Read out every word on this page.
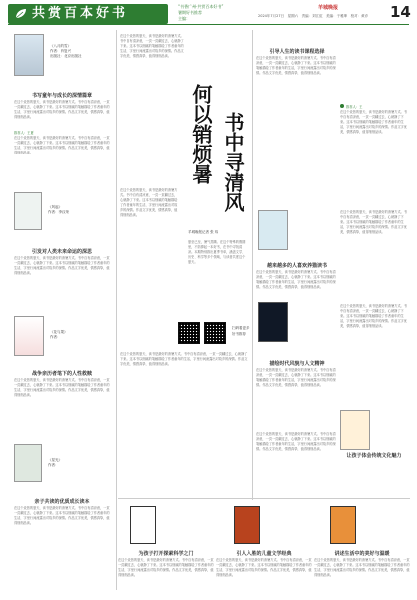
共赏百本好书	“书香广州·共赏百本好书”
暑期好书推荐
主编：
羊城晚报
2024年7月27日　星期六　责编：刘江虹　美编：于雅坤　校对：黄乔 14
《八月的雪》
作者：肖复兴
出版社：北京出版社
书写童年与成长的深情篇章
在这个炎热的夏天，读书是最好的消暑方式。书中自有清凉意，一页一页翻过去，心就静了下来。这本书以细腻的笔触描绘了作者童年的生活，字里行间流露出对故乡的深情。作品文字优美，情感真挚，值得细细品读。
推荐人：王夏
在这个炎热的夏天，读书是最好的消暑方式。书中自有清凉意，一页一页翻过去，心就静了下来。这本书以细腻的笔触描绘了作者童年的生活，字里行间流露出对故乡的深情。作品文字优美，情感真挚，值得细细品读。
《风起》
作者：李汉荣
引发对人类未来命运的深思
在这个炎热的夏天，读书是最好的消暑方式。书中自有清凉意，一页一页翻过去，心就静了下来。这本书以细腻的笔触描绘了作者童年的生活，字里行间流露出对故乡的深情。作品文字优美，情感真挚，值得细细品读。
《花与果》
作者：
战争亲历者笔下的人性救赎
在这个炎热的夏天，读书是最好的消暑方式。书中自有清凉意，一页一页翻过去，心就静了下来。这本书以细腻的笔触描绘了作者童年的生活，字里行间流露出对故乡的深情。作品文字优美，情感真挚，值得细细品读。
《星光》
作者：
亲子共读的优质成长读本
在这个炎热的夏天，读书是最好的消暑方式。书中自有清凉意，一页一页翻过去，心就静了下来。这本书以细腻的笔触描绘了作者童年的生活，字里行间流露出对故乡的深情。作品文字优美，情感真挚，值得细细品读。
在这个炎热的夏天，读书是最好的消暑方式。书中自有清凉意，一页一页翻过去，心就静了下来。这本书以细腻的笔触描绘了作者童年的生活，字里行间流露出对故乡的深情。作品文字优美，情感真挚，值得细细品读。
在这个炎热的夏天，读书是最好的消暑方式。书中自有清凉意，一页一页翻过去，心就静了下来。这本书以细腻的笔触描绘了作者童年的生活，字里行间流露出对故乡的深情。作品文字优美，情感真挚，值得细细品读。
何以销烦暑 书中寻清风
羊城晚报记者 张 玮
夏至已至，暑气蒸腾。在这个特殊的假期里，不妨捧起一本好书，在书中寻找清凉。本期特别推出夏季书单，涵盖文学、历史、科学等多个领域，与读者共度这个夏天。
扫码看更多
好书推荐
在这个炎热的夏天，读书是最好的消暑方式。书中自有清凉意，一页一页翻过去，心就静了下来。这本书以细腻的笔触描绘了作者童年的生活，字里行间流露出对故乡的深情。作品文字优美，情感真挚，值得细细品读。
引导人生的读书课程选择
在这个炎热的夏天，读书是最好的消暑方式。书中自有清凉意，一页一页翻过去，心就静了下来。这本书以细腻的笔触描绘了作者童年的生活，字里行间流露出对故乡的深情。作品文字优美，情感真挚，值得细细品读。
推荐人：王
在这个炎热的夏天，读书是最好的消暑方式。书中自有清凉意，一页一页翻过去，心就静了下来。这本书以细腻的笔触描绘了作者童年的生活，字里行间流露出对故乡的深情。作品文字优美，情感真挚，值得细细品读。
越来越多的人喜欢养猫读书
在这个炎热的夏天，读书是最好的消暑方式。书中自有清凉意，一页一页翻过去，心就静了下来。这本书以细腻的笔触描绘了作者童年的生活，字里行间流露出对故乡的深情。作品文字优美，情感真挚，值得细细品读。
在这个炎热的夏天，读书是最好的消暑方式。书中自有清凉意，一页一页翻过去，心就静了下来。这本书以细腻的笔触描绘了作者童年的生活，字里行间流露出对故乡的深情。作品文字优美，情感真挚，值得细细品读。
描绘时代风貌与人文精神
在这个炎热的夏天，读书是最好的消暑方式。书中自有清凉意，一页一页翻过去，心就静了下来。这本书以细腻的笔触描绘了作者童年的生活，字里行间流露出对故乡的深情。作品文字优美，情感真挚，值得细细品读。
在这个炎热的夏天，读书是最好的消暑方式。书中自有清凉意，一页一页翻过去，心就静了下来。这本书以细腻的笔触描绘了作者童年的生活，字里行间流露出对故乡的深情。作品文字优美，情感真挚，值得细细品读。
在这个炎热的夏天，读书是最好的消暑方式。书中自有清凉意，一页一页翻过去，心就静了下来。这本书以细腻的笔触描绘了作者童年的生活，字里行间流露出对故乡的深情。作品文字优美，情感真挚，值得细细品读。
让孩子体会传统文化魅力
为孩子打开探索科学之门	引人入胜的儿童文学经典	讲述生活中的美好与温暖
在这个炎热的夏天，读书是最好的消暑方式。书中自有清凉意，一页一页翻过去，心就静了下来。这本书以细腻的笔触描绘了作者童年的生活，字里行间流露出对故乡的深情。作品文字优美，情感真挚，值得细细品读。
在这个炎热的夏天，读书是最好的消暑方式。书中自有清凉意，一页一页翻过去，心就静了下来。这本书以细腻的笔触描绘了作者童年的生活，字里行间流露出对故乡的深情。作品文字优美，情感真挚，值得细细品读。
在这个炎热的夏天，读书是最好的消暑方式。书中自有清凉意，一页一页翻过去，心就静了下来。这本书以细腻的笔触描绘了作者童年的生活，字里行间流露出对故乡的深情。作品文字优美，情感真挚，值得细细品读。
